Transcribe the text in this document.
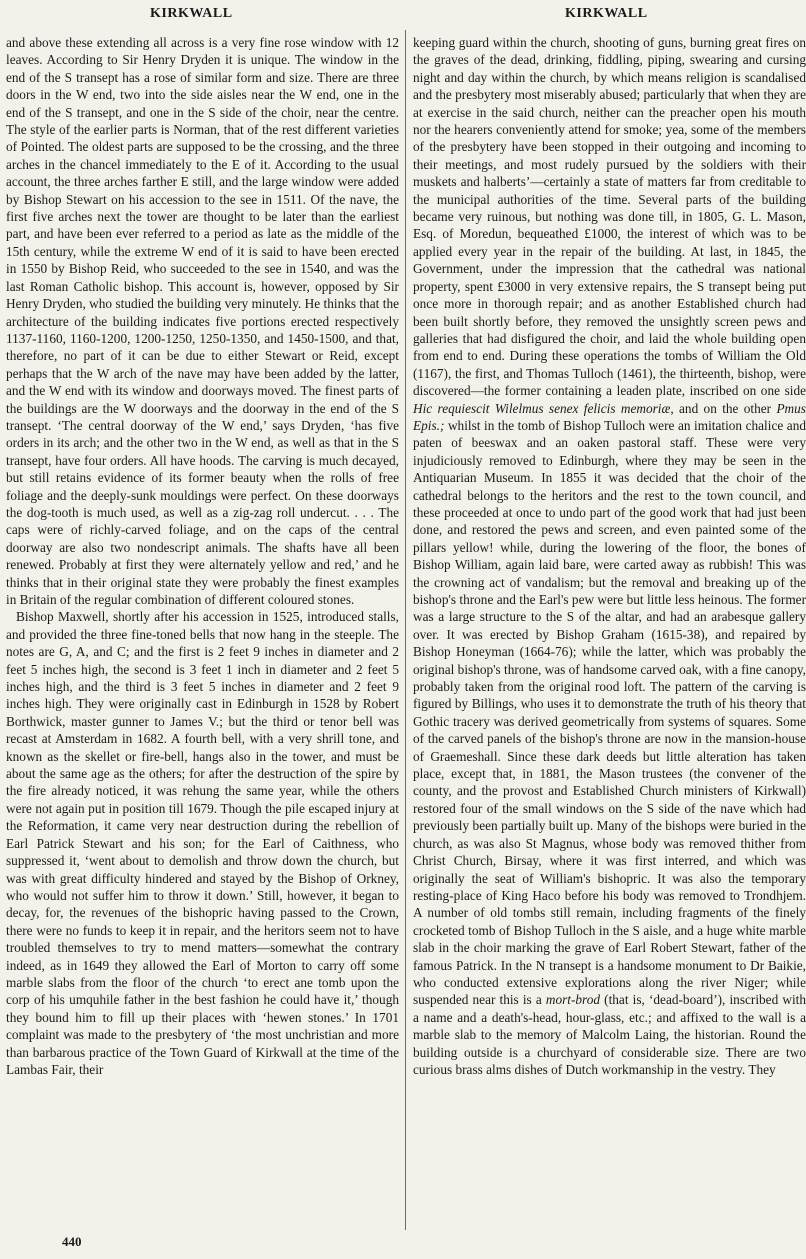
KIRKWALL	KIRKWALL

and above these extending all across is a very fine rose window with 12 leaves. According to Sir Henry Dryden it is unique. The window in the end of the S transept has a rose of similar form and size. There are three doors in the W end, two into the side aisles near the W end, one in the end of the S transept, and one in the S side of the choir, near the centre. The style of the earlier parts is Norman, that of the rest different varieties of Pointed. The oldest parts are supposed to be the crossing, and the three arches in the chancel immediately to the E of it. According to the usual account, the three arches farther E still, and the large window were added by Bishop Stewart on his accession to the see in 1511. Of the nave, the first five arches next the tower are thought to be later than the earliest part, and have been ever referred to a period as late as the middle of the 15th century, while the extreme W end of it is said to have been erected in 1550 by Bishop Reid, who succeeded to the see in 1540, and was the last Roman Catholic bishop. This account is, however, opposed by Sir Henry Dryden, who studied the building very minutely. He thinks that the architecture of the building indicates five portions erected respectively 1137-1160, 1160-1200, 1200-1250, 1250-1350, and 1450-1500, and that, therefore, no part of it can be due to either Stewart or Reid, except perhaps that the W arch of the nave may have been added by the latter, and the W end with its window and doorways moved. The finest parts of the buildings are the W doorways and the doorway in the end of the S transept. ‘The central doorway of the W end,’ says Dryden, ‘has five orders in its arch; and the other two in the W end, as well as that in the S transept, have four orders. All have hoods. The carving is much decayed, but still retains evidence of its former beauty when the rolls of free foliage and the deeply-sunk mouldings were perfect. On these doorways the dog-tooth is much used, as well as a zig-zag roll undercut. . . . The caps were of richly-carved foliage, and on the caps of the central doorway are also two nondescript animals. The shafts have all been renewed. Probably at first they were alternately yellow and red,’ and he thinks that in their original state they were probably the finest examples in Britain of the regular combination of different coloured stones.

Bishop Maxwell, shortly after his accession in 1525, introduced stalls, and provided the three fine-toned bells that now hang in the steeple. The notes are G, A, and C; and the first is 2 feet 9 inches in diameter and 2 feet 5 inches high, the second is 3 feet 1 inch in diameter and 2 feet 5 inches high, and the third is 3 feet 5 inches in diameter and 2 feet 9 inches high. They were originally cast in Edinburgh in 1528 by Robert Borthwick, master gunner to James V.; but the third or tenor bell was recast at Amsterdam in 1682. A fourth bell, with a very shrill tone, and known as the skellet or fire-bell, hangs also in the tower, and must be about the same age as the others; for after the destruction of the spire by the fire already noticed, it was rehung the same year, while the others were not again put in position till 1679. Though the pile escaped injury at the Reformation, it came very near destruction during the rebellion of Earl Patrick Stewart and his son; for the Earl of Caithness, who suppressed it, ‘went about to demolish and throw down the church, but was with great difficulty hindered and stayed by the Bishop of Orkney, who would not suffer him to throw it down.’ Still, however, it began to decay, for, the revenues of the bishopric having passed to the Crown, there were no funds to keep it in repair, and the heritors seem not to have troubled themselves to try to mend matters—somewhat the contrary indeed, as in 1649 they allowed the Earl of Morton to carry off some marble slabs from the floor of the church ‘to erect ane tomb upon the corp of his umquhile father in the best fashion he could have it,’ though they bound him to fill up their places with ‘hewen stones.’ In 1701 complaint was made to the presbytery of ‘the most unchristian and more than barbarous practice of the Town Guard of Kirkwall at the time of the Lambas Fair, their

keeping guard within the church, shooting of guns, burning great fires on the graves of the dead, drinking, fiddling, piping, swearing and cursing night and day within the church, by which means religion is scandalised and the presbytery most miserably abused; particularly that when they are at exercise in the said church, neither can the preacher open his mouth nor the hearers conveniently attend for smoke; yea, some of the members of the presbytery have been stopped in their outgoing and incoming to their meetings, and most rudely pursued by the soldiers with their muskets and halberts’—certainly a state of matters far from creditable to the municipal authorities of the time. Several parts of the building became very ruinous, but nothing was done till, in 1805, G. L. Mason, Esq. of Moredun, bequeathed £1000, the interest of which was to be applied every year in the repair of the building. At last, in 1845, the Government, under the impression that the cathedral was national property, spent £3000 in very extensive repairs, the S transept being put once more in thorough repair; and as another Established church had been built shortly before, they removed the unsightly screen pews and galleries that had disfigured the choir, and laid the whole building open from end to end. During these operations the tombs of William the Old (1167), the first, and Thomas Tulloch (1461), the thirteenth, bishop, were discovered—the former containing a leaden plate, inscribed on one side Hic requiescit Wilelmus senex felicis memoriæ, and on the other Pmus Epis.; whilst in the tomb of Bishop Tulloch were an imitation chalice and paten of beeswax and an oaken pastoral staff. These were very injudiciously removed to Edinburgh, where they may be seen in the Antiquarian Museum. In 1855 it was decided that the choir of the cathedral belongs to the heritors and the rest to the town council, and these proceeded at once to undo part of the good work that had just been done, and restored the pews and screen, and even painted some of the pillars yellow! while, during the lowering of the floor, the bones of Bishop William, again laid bare, were carted away as rubbish! This was the crowning act of vandalism; but the removal and breaking up of the bishop's throne and the Earl's pew were but little less heinous. The former was a large structure to the S of the altar, and had an arabesque gallery over. It was erected by Bishop Graham (1615-38), and repaired by Bishop Honeyman (1664-76); while the latter, which was probably the original bishop's throne, was of handsome carved oak, with a fine canopy, probably taken from the original rood loft. The pattern of the carving is figured by Billings, who uses it to demonstrate the truth of his theory that Gothic tracery was derived geometrically from systems of squares. Some of the carved panels of the bishop's throne are now in the mansion-house of Graemeshall. Since these dark deeds but little alteration has taken place, except that, in 1881, the Mason trustees (the convener of the county, and the provost and Established Church ministers of Kirkwall) restored four of the small windows on the S side of the nave which had previously been partially built up. Many of the bishops were buried in the church, as was also St Magnus, whose body was removed thither from Christ Church, Birsay, where it was first interred, and which was originally the seat of William's bishopric. It was also the temporary resting-place of King Haco before his body was removed to Trondhjem. A number of old tombs still remain, including fragments of the finely crocketed tomb of Bishop Tulloch in the S aisle, and a huge white marble slab in the choir marking the grave of Earl Robert Stewart, father of the famous Patrick. In the N transept is a handsome monument to Dr Baikie, who conducted extensive explorations along the river Niger; while suspended near this is a mort-brod (that is, ‘dead-board’), inscribed with a name and a death's-head, hour-glass, etc.; and affixed to the wall is a marble slab to the memory of Malcolm Laing, the historian. Round the building outside is a churchyard of considerable size. There are two curious brass alms dishes of Dutch workmanship in the vestry. They

440
